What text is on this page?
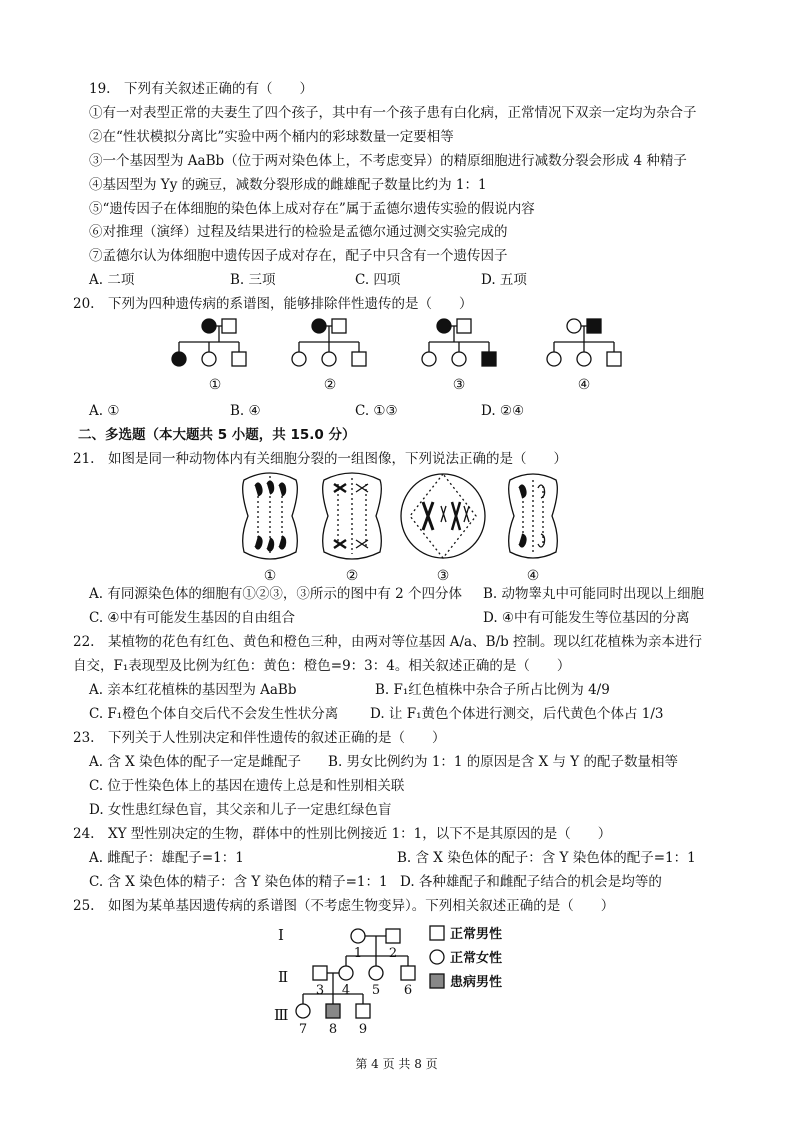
19.　下列有关叙述正确的有（　　）
①有一对表型正常的夫妻生了四个孩子，其中有一个孩子患有白化病，正常情况下双亲一定均为杂合子
②在“性状模拟分离比”实验中两个桶内的彩球数量一定要相等
③一个基因型为 AaBb（位于两对染色体上，不考虑变异）的精原细胞进行减数分裂会形成 4 种精子
④基因型为 Yy 的豌豆，减数分裂形成的雌雄配子数量比约为 1：1
⑤“遗传因子在体细胞的染色体上成对存在”属于孟德尔遗传实验的假说内容
⑥对推理（演绎）过程及结果进行的检验是孟德尔通过测交实验完成的
⑦孟德尔认为体细胞中遗传因子成对存在，配子中只含有一个遗传因子
A. 二项	B. 三项	C. 四项	D. 五项
20.　下列为四种遗传病的系谱图，能够排除伴性遗传的是（　　）
①	②	③	④
A. ①	B. ④	C. ①③	D. ②④
二、多选题（本大题共 5 小题，共 15.0 分）
21.　如图是同一种动物体内有关细胞分裂的一组图像，下列说法正确的是（　　）
①	②	③	④
A. 有同源染色体的细胞有①②③，③所示的图中有 2 个四分体 B. 动物睾丸中可能同时出现以上细胞
C. ④中有可能发生基因的自由组合	D. ④中有可能发生等位基因的分离
22.　某植物的花色有红色、黄色和橙色三种，由两对等位基因 A/a、B/b 控制。现以红花植株为亲本进行
自交，F₁表现型及比例为红色：黄色：橙色=9：3：4。相关叙述正确的是（　　）
A. 亲本红花植株的基因型为 AaBb	B. F₁红色植株中杂合子所占比例为 4/9
C. F₁橙色个体自交后代不会发生性状分离 D. 让 F₁黄色个体进行测交，后代黄色个体占 1/3
23.　下列关于人性别决定和伴性遗传的叙述正确的是（　　）
A. 含 X 染色体的配子一定是雌配子　　B. 男女比例约为 1：1 的原因是含 X 与 Y 的配子数量相等
C. 位于性染色体上的基因在遗传上总是和性别相关联
D. 女性患红绿色盲，其父亲和儿子一定患红绿色盲
24.　XY 型性别决定的生物，群体中的性别比例接近 1：1，以下不是其原因的是（　　）
A. 雌配子：雄配子=1：1	B. 含 X 染色体的配子：含 Y 染色体的配子=1：1
C. 含 X 染色体的精子：含 Y 染色体的精子=1：1 D. 各种雄配子和雌配子结合的机会是均等的
25.　如图为某单基因遗传病的系谱图（不考虑生物变异）。下列相关叙述正确的是（　　）
Ⅰ
Ⅱ
Ⅲ
1 2
3 4 5 6
7 8 9
正常男性
正常女性
患病男性
第 4 页 共 8 页
